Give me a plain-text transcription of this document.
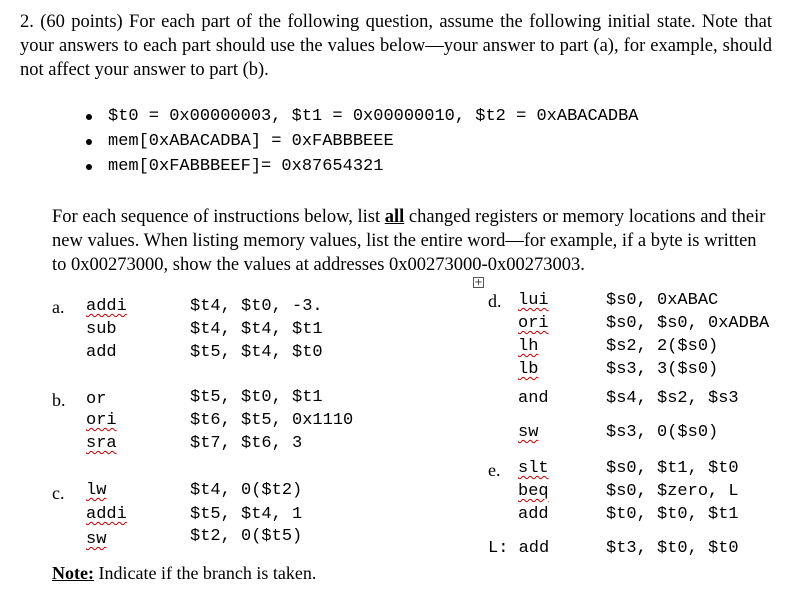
2. (60 points) For each part of the following question, assume the following initial state. Note that your answers to each part should use the values below—your answer to part (a), for example, should not affect your answer to part (b).
$t0 = 0x00000003, $t1 = 0x00000010, $t2 = 0xABACADBA
mem[0xABACADBA] = 0xFABBBEEE
mem[0xFABBBEEF]= 0x87654321
For each sequence of instructions below, list all changed registers or memory locations and their new values. When listing memory values, list the entire word—for example, if a byte is written to 0x00273000, show the values at addresses 0x00273000-0x00273003.
+
a. addi	$t4, $t0, -3.
sub	$t4, $t4, $t1
add	$t5, $t4, $t0
b. or	$t5, $t0, $t1
ori	$t6, $t5, 0x1110
sra	$t7, $t6, 3
c. lw	$t4, 0($t2)
addi	$t5, $t4, 1
sw	$t2, 0($t5)
d. lui	$s0, 0xABAC
ori	$s0, $s0, 0xADBA
lh	$s2, 2($s0)
lb	$s3, 3($s0)
and	$s4, $s2, $s3
sw	$s3, 0($s0)
e. slt	$s0, $t1, $t0
beq	$s0, $zero, L
add	$t0, $t0, $t1
L: add	$t3, $t0, $t0
Note: Indicate if the branch is taken.
